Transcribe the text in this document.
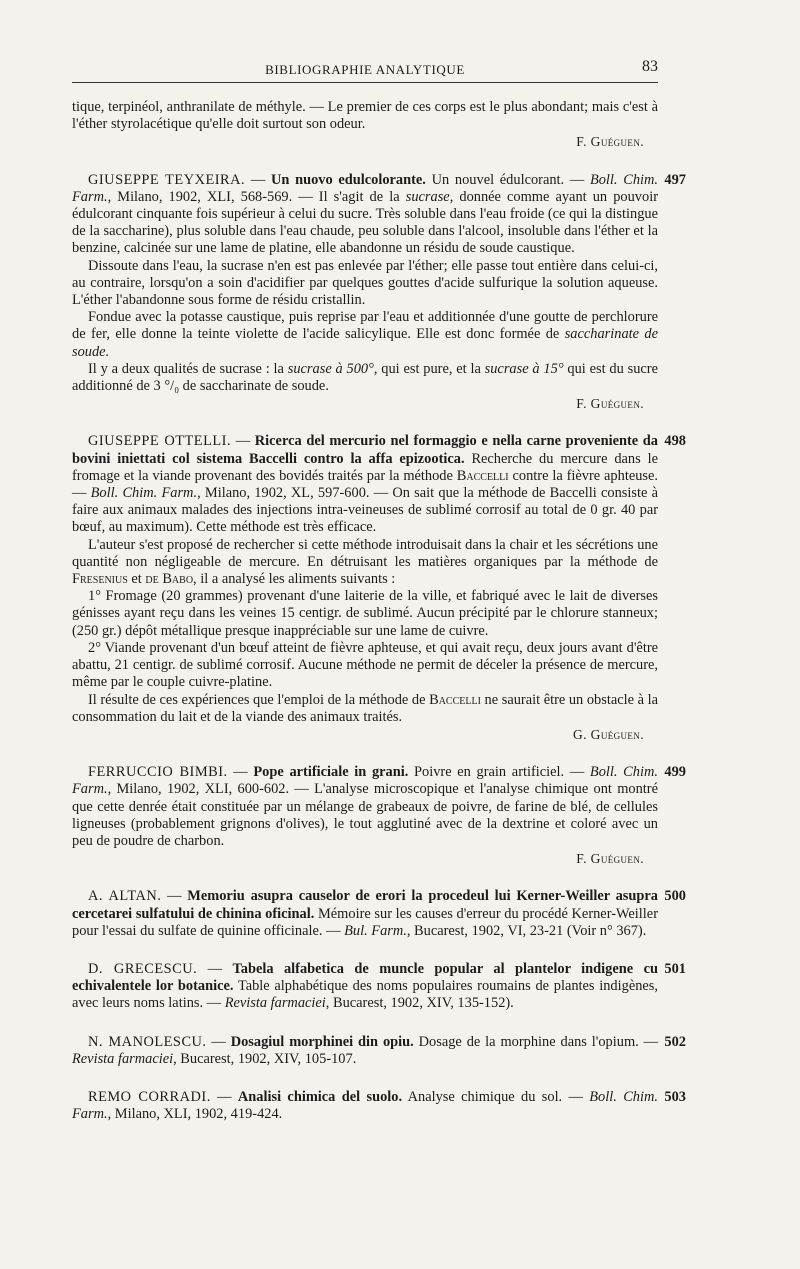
BIBLIOGRAPHIE ANALYTIQUE	83

tique, terpinéol, anthranilate de méthyle. — Le premier de ces corps est le plus abondant; mais c'est à l'éther styrolacétique qu'elle doit surtout son odeur.

F. Guéguen.

497
GIUSEPPE TEYXEIRA. — Un nuovo edulcolorante. Un nouvel édulcorant. — Boll. Chim. Farm., Milano, 1902, XLI, 568-569. — Il s'agit de la sucrase, donnée comme ayant un pouvoir édulcorant cinquante fois supérieur à celui du sucre. Très soluble dans l'eau froide (ce qui la distingue de la saccharine), plus soluble dans l'eau chaude, peu soluble dans l'alcool, insoluble dans l'éther et la benzine, calcinée sur une lame de platine, elle abandonne un résidu de soude caustique.

Dissoute dans l'eau, la sucrase n'en est pas enlevée par l'éther; elle passe tout entière dans celui-ci, au contraire, lorsqu'on a soin d'acidifier par quelques gouttes d'acide sulfurique la solution aqueuse. L'éther l'abandonne sous forme de résidu cristallin.

Fondue avec la potasse caustique, puis reprise par l'eau et additionnée d'une goutte de perchlorure de fer, elle donne la teinte violette de l'acide salicylique. Elle est donc formée de saccharinate de soude.

Il y a deux qualités de sucrase : la sucrase à 500°, qui est pure, et la sucrase à 15° qui est du sucre additionné de 3 °/₀ de saccharinate de soude.

F. Guéguen.

498
GIUSEPPE OTTELLI. — Ricerca del mercurio nel formaggio e nella carne proveniente da bovini iniettati col sistema Baccelli contro la affa epizootica. Recherche du mercure dans le fromage et la viande provenant des bovidés traités par la méthode Baccelli contre la fièvre aphteuse. — Boll. Chim. Farm., Milano, 1902, XL, 597-600. — On sait que la méthode de Baccelli consiste à faire aux animaux malades des injections intra-veineuses de sublimé corrosif au total de 0 gr. 40 par bœuf, au maximum). Cette méthode est très efficace.

L'auteur s'est proposé de rechercher si cette méthode introduisait dans la chair et les sécrétions une quantité non négligeable de mercure. En détruisant les matières organiques par la méthode de Fresenius et de Babo, il a analysé les aliments suivants :

1° Fromage (20 grammes) provenant d'une laiterie de la ville, et fabriqué avec le lait de diverses génisses ayant reçu dans les veines 15 centigr. de sublimé. Aucun précipité par le chlorure stanneux; (250 gr.) dépôt métallique presque inappréciable sur une lame de cuivre.

2° Viande provenant d'un bœuf atteint de fièvre aphteuse, et qui avait reçu, deux jours avant d'être abattu, 21 centigr. de sublimé corrosif. Aucune méthode ne permit de déceler la présence de mercure, même par le couple cuivre-platine.

Il résulte de ces expériences que l'emploi de la méthode de Baccelli ne saurait être un obstacle à la consommation du lait et de la viande des animaux traités.

G. Guéguen.

499
FERRUCCIO BIMBI. — Pope artificiale in grani. Poivre en grain artificiel. — Boll. Chim. Farm., Milano, 1902, XLI, 600-602. — L'analyse microscopique et l'analyse chimique ont montré que cette denrée était constituée par un mélange de grabeaux de poivre, de farine de blé, de cellules ligneuses (probablement grignons d'olives), le tout agglutiné avec de la dextrine et coloré avec un peu de poudre de charbon.

F. Guéguen.

500
A. ALTAN. — Memoriu asupra causelor de erori la procedeul lui Kerner-Weiller asupra cercetarei sulfatului de chinina oficinal. Mémoire sur les causes d'erreur du procédé Kerner-Weiller pour l'essai du sulfate de quinine officinale. — Bul. Farm., Bucarest, 1902, VI, 23-21 (Voir n° 367).

501
D. GRECESCU. — Tabela alfabetica de muncle popular al plantelor indigene cu echivalentele lor botanice. Table alphabétique des noms populaires roumains de plantes indigènes, avec leurs noms latins. — Revista farmaciei, Bucarest, 1902, XIV, 135-152).

502
N. MANOLESCU. — Dosagiul morphinei din opiu. Dosage de la morphine dans l'opium. — Revista farmaciei, Bucarest, 1902, XIV, 105-107.

503
REMO CORRADI. — Analisi chimica del suolo. Analyse chimique du sol. — Boll. Chim. Farm., Milano, XLI, 1902, 419-424.
